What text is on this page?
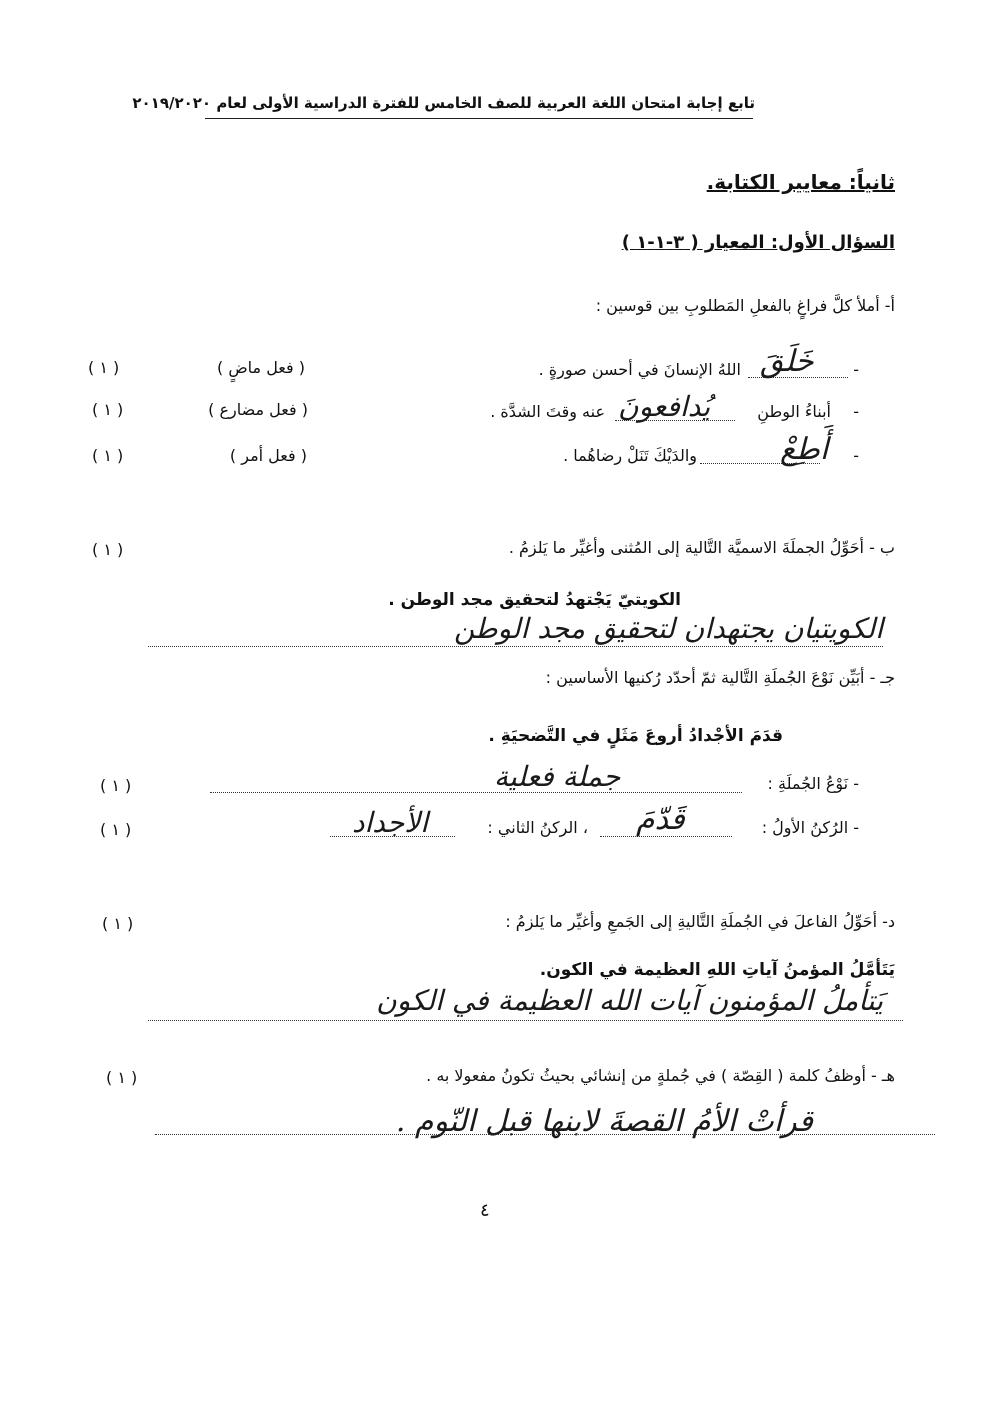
تابع إجابة امتحان اللغة العربية للصف الخامس للفترة الدراسية الأولى لعام ٢٠١٩/٢٠٢٠
ثانياً: معايير الكتابة.
السؤال الأول: المعيار ( ٣-١-١ )
أ- أملأ كلَّ فراغٍ بالفعلِ المَطلوبِ بين قوسين :
-
خَلَقَ
اللهُ الإنسانَ في أحسن صورةٍ .
( فعل ماضٍ )
( ١ )
-
أبناءُ الوطنِ
يُدافعونَ
عنه وقتَ الشدَّة .
( فعل مضارع )
( ١ )
-
أَطِعْ
والدَيْكَ تَنَلْ رضاهُما .
( فعل أمر )
( ١ )
ب - أحَوِّلُ الجملَةَ الاسميَّة التَّالية إلى المُثنى وأغيِّر ما يَلزمُ .
( ١ )
الكويتيّ يَجْتهدُ لتحقيق مجد الوطن .
الكويتيان يجتهدان لتحقيق مجد الوطن
جـ - أبَيِّن نَوْعَ الجُملَةِ التَّالية ثمّ أحدّد رُكنيها الأساسين :
قدَمَ الأجْدادُ أروعَ مَثَلٍ في التَّضحيَةِ .
- نَوْعُ الجُملَةِ :
جملة فعلية
( ١ )
- الرُكنُ الأولُ :
قَدّمَ
، الركنُ الثاني :
الأجداد
( ١ )
د- أحَوِّلُ الفاعلَ في الجُملَةِ التَّاليةِ إلى الجَمعِ وأغيِّر ما يَلزمُ :
( ١ )
يَتَأمَّلُ المؤمنُ آياتِ اللهِ العظيمة في الكون.
يَتأملُ المؤمنون آيات الله العظيمة في الكون
هـ - أوظفُ كلمة ( القِصّة ) في جُملةٍ من إنشائي بحيثُ تكونُ مفعولا به .
( ١ )
قرأتْ الأمُ القصةَ لابنها قبل النّوم .
٤
